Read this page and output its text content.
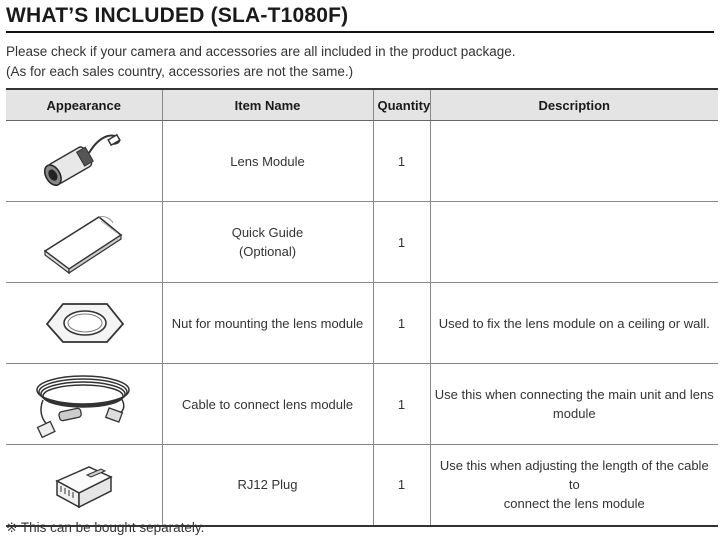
WHAT’S INCLUDED (SLA-T1080F)
Please check if your camera and accessories are all included in the product package.
(As for each sales country, accessories are not the same.)
Appearance	Item Name	Quantity	Description

Lens Module	1	

Quick Guide
(Optional)	1	

Nut for mounting the lens module	1	Used to fix the lens module on a ceiling or wall.

Cable to connect lens module	1	Use this when connecting the main unit and lens
module

RJ12 Plug	1	Use this when adjusting the length of the cable to
connect the lens module
※ This can be bought separately.
